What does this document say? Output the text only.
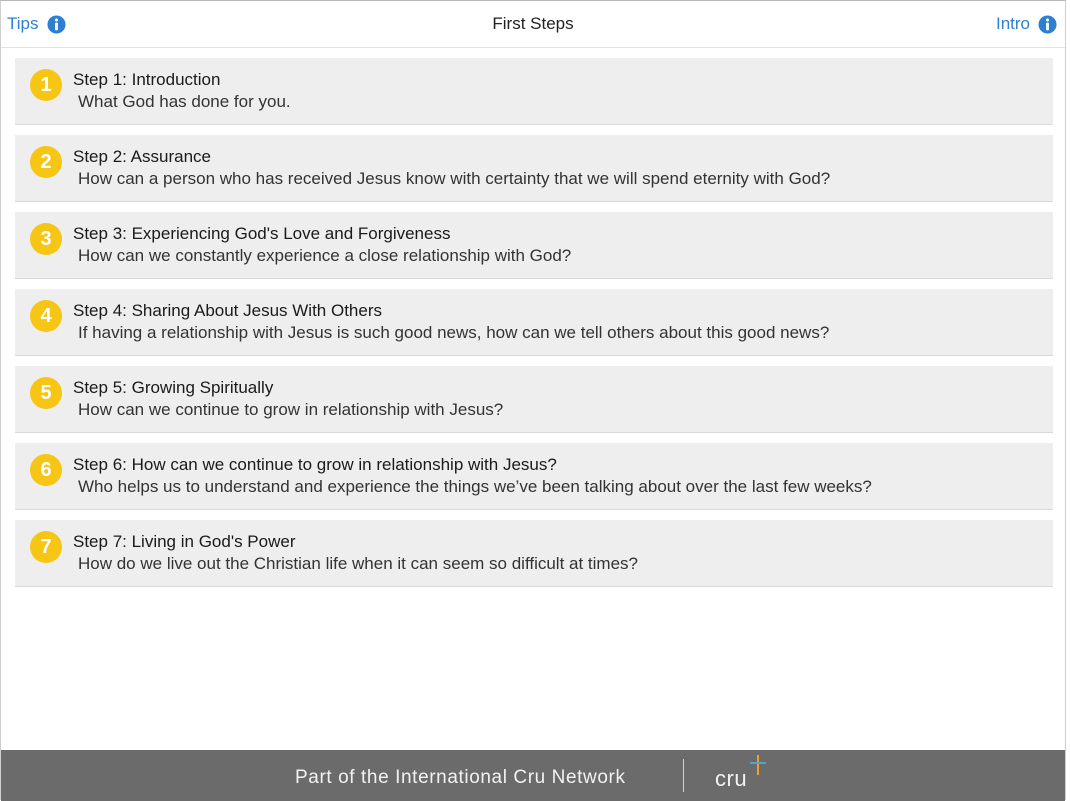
Tips	First Steps	Intro
1	Step 1: Introduction
What God has done for you.
2	Step 2: Assurance
How can a person who has received Jesus know with certainty that we will spend eternity with God?
3	Step 3: Experiencing God's Love and Forgiveness
How can we constantly experience a close relationship with God?
4	Step 4: Sharing About Jesus With Others
If having a relationship with Jesus is such good news, how can we tell others about this good news?
5	Step 5: Growing Spiritually
How can we continue to grow in relationship with Jesus?
6	Step 6: How can we continue to grow in relationship with Jesus?
Who helps us to understand and experience the things we’ve been talking about over the last few weeks?
7	Step 7: Living in God's Power
How do we live out the Christian life when it can seem so difficult at times?
Part of the International Cru Network	cru
